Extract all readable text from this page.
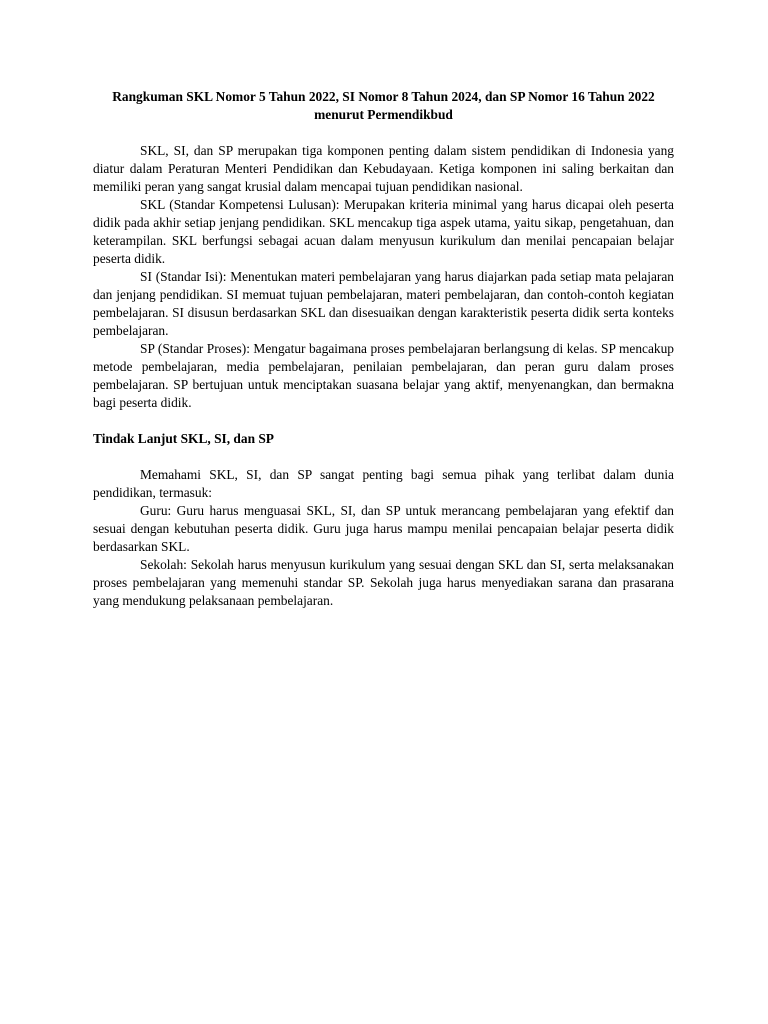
Rangkuman SKL Nomor 5 Tahun 2022, SI Nomor 8 Tahun 2024, dan SP Nomor 16 Tahun 2022 menurut Permendikbud

SKL, SI, dan SP merupakan tiga komponen penting dalam sistem pendidikan di Indonesia yang diatur dalam Peraturan Menteri Pendidikan dan Kebudayaan. Ketiga komponen ini saling berkaitan dan memiliki peran yang sangat krusial dalam mencapai tujuan pendidikan nasional.

SKL (Standar Kompetensi Lulusan): Merupakan kriteria minimal yang harus dicapai oleh peserta didik pada akhir setiap jenjang pendidikan. SKL mencakup tiga aspek utama, yaitu sikap, pengetahuan, dan keterampilan. SKL berfungsi sebagai acuan dalam menyusun kurikulum dan menilai pencapaian belajar peserta didik.

SI (Standar Isi): Menentukan materi pembelajaran yang harus diajarkan pada setiap mata pelajaran dan jenjang pendidikan. SI memuat tujuan pembelajaran, materi pembelajaran, dan contoh-contoh kegiatan pembelajaran. SI disusun berdasarkan SKL dan disesuaikan dengan karakteristik peserta didik serta konteks pembelajaran.

SP (Standar Proses): Mengatur bagaimana proses pembelajaran berlangsung di kelas. SP mencakup metode pembelajaran, media pembelajaran, penilaian pembelajaran, dan peran guru dalam proses pembelajaran. SP bertujuan untuk menciptakan suasana belajar yang aktif, menyenangkan, dan bermakna bagi peserta didik.

Tindak Lanjut SKL, SI, dan SP

Memahami SKL, SI, dan SP sangat penting bagi semua pihak yang terlibat dalam dunia pendidikan, termasuk:

Guru: Guru harus menguasai SKL, SI, dan SP untuk merancang pembelajaran yang efektif dan sesuai dengan kebutuhan peserta didik. Guru juga harus mampu menilai pencapaian belajar peserta didik berdasarkan SKL.

Sekolah: Sekolah harus menyusun kurikulum yang sesuai dengan SKL dan SI, serta melaksanakan proses pembelajaran yang memenuhi standar SP. Sekolah juga harus menyediakan sarana dan prasarana yang mendukung pelaksanaan pembelajaran.
